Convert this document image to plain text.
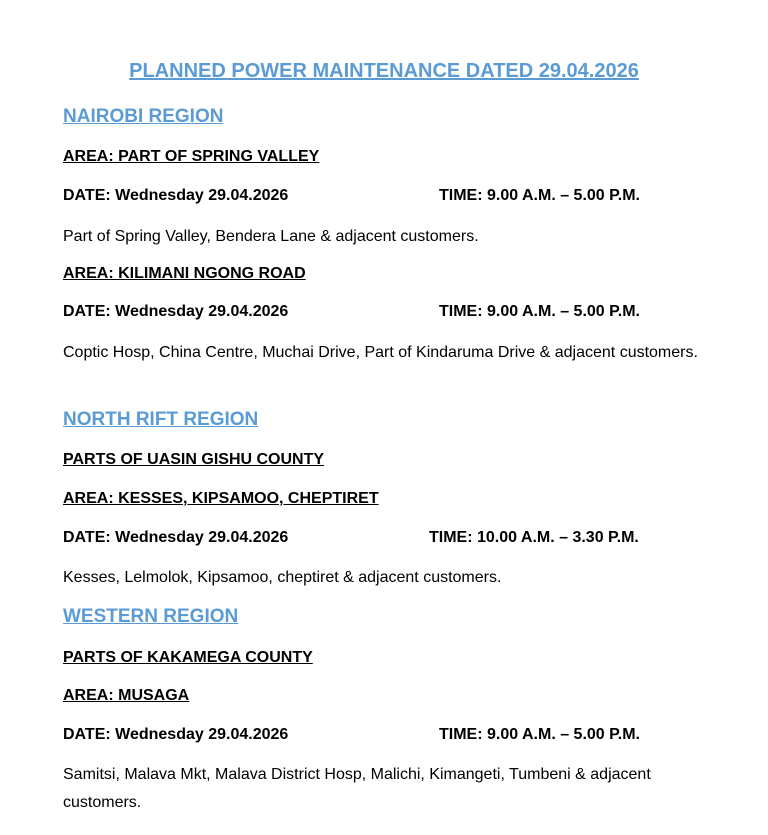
PLANNED POWER MAINTENANCE DATED 29.04.2026
NAIROBI REGION
AREA: PART OF SPRING VALLEY
DATE: Wednesday 29.04.2026	TIME: 9.00 A.M. – 5.00 P.M.
Part of Spring Valley, Bendera Lane & adjacent customers.
AREA: KILIMANI NGONG ROAD
DATE: Wednesday 29.04.2026	TIME: 9.00 A.M. – 5.00 P.M.
Coptic Hosp, China Centre, Muchai Drive, Part of Kindaruma Drive & adjacent customers.
NORTH RIFT REGION
PARTS OF UASIN GISHU COUNTY
AREA: KESSES, KIPSAMOO, CHEPTIRET
DATE: Wednesday 29.04.2026	TIME: 10.00 A.M. – 3.30 P.M.
Kesses, Lelmolok, Kipsamoo, cheptiret & adjacent customers.
WESTERN REGION
PARTS OF KAKAMEGA COUNTY
AREA: MUSAGA
DATE: Wednesday 29.04.2026	TIME: 9.00 A.M. – 5.00 P.M.
Samitsi, Malava Mkt, Malava District Hosp, Malichi, Kimangeti, Tumbeni & adjacent customers.
